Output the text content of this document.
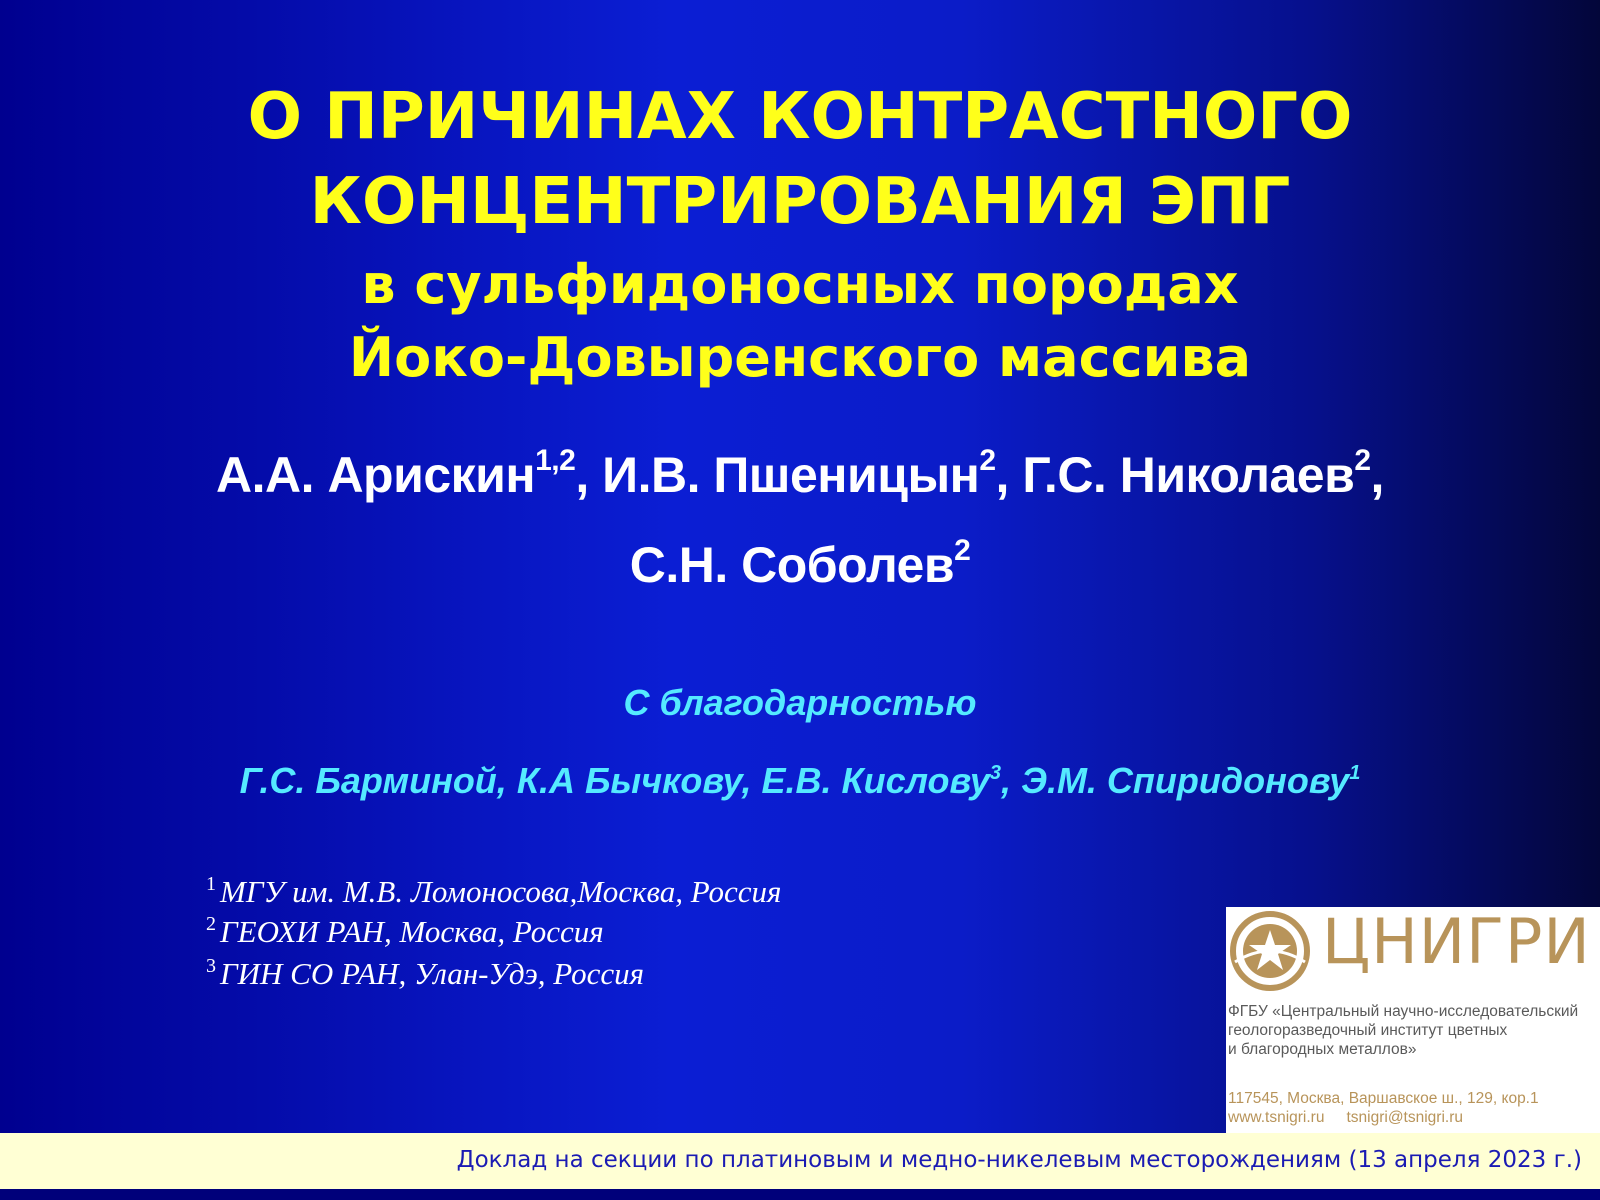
О ПРИЧИНАХ КОНТРАСТНОГО
КОНЦЕНТРИРОВАНИЯ ЭПГ
в сульфидоносных породах
Йоко-Довыренского массива
А.А. Арискин$^{1,2}$, И.В. Пшеницын$^2$, Г.С. Николаев$^2$,
С.Н. Соболев$^2$
С благодарностью
Г.С. Барминой, К.А Бычкову, Е.В. Кислову$^3$, Э.М. Спиридонову$^1$
$^1$ МГУ им. М.В. Ломоносова,Москва, Россия
$^2$ ГЕОХИ РАН, Москва, Россия
$^3$ ГИН СО РАН, Улан-Удэ, Россия	ЦНИГРИ
ФГБУ «Центральный научно-исследовательский
геологоразведочный институт цветных
и благородных металлов»
117545, Москва, Варшавское ш., 129, кор.1
www.tsnigri.ru tsnigri@tsnigri.ru
Доклад на секции по платиновым и медно-никелевым месторождениям (13 апреля 2023 г.)
